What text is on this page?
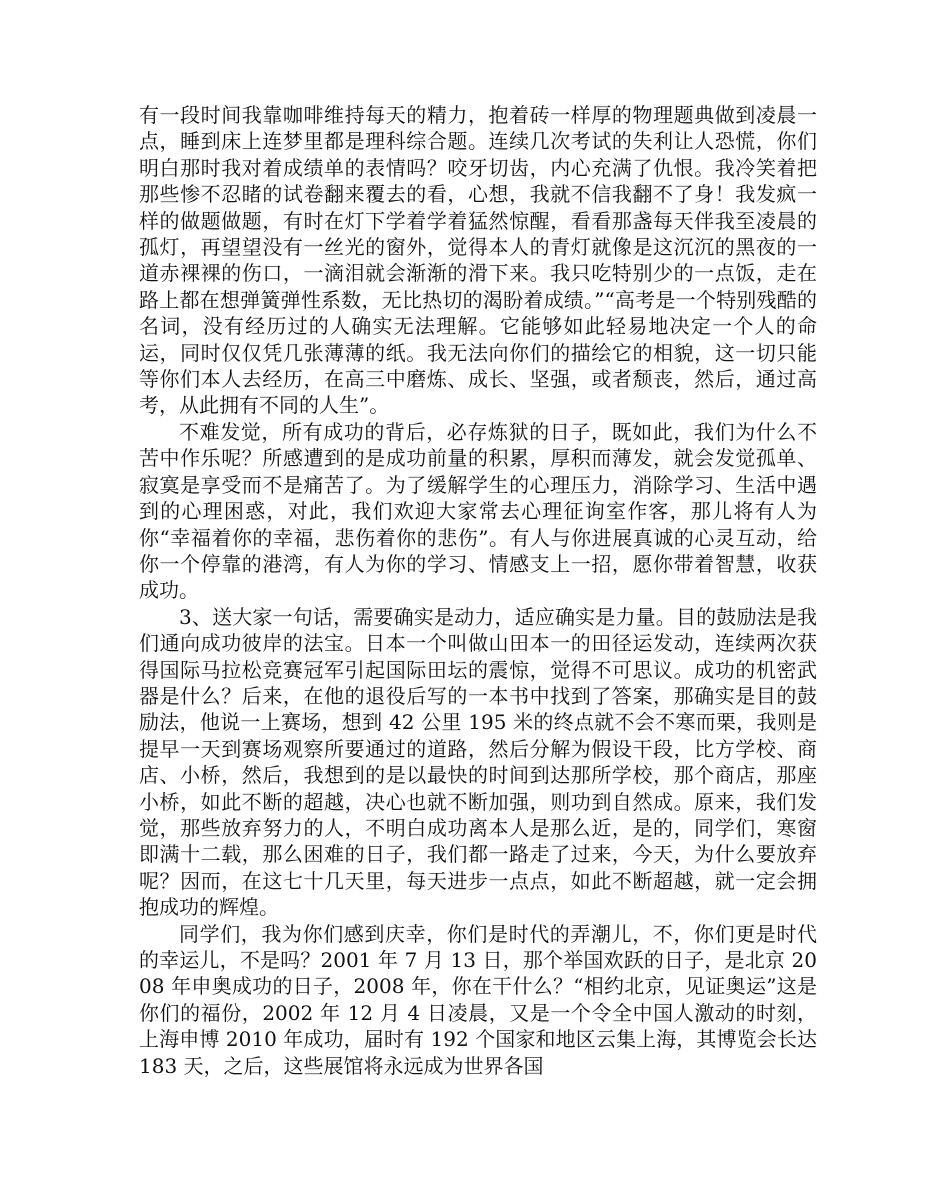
有一段时间我靠咖啡维持每天的精力，抱着砖一样厚的物理题典做到凌晨一点，睡到床上连梦里都是理科综合题。连续几次考试的失利让人恐慌，你们明白那时我对着成绩单的表情吗？咬牙切齿，内心充满了仇恨。我冷笑着把那些惨不忍睹的试卷翻来覆去的看，心想，我就不信我翻不了身！我发疯一样的做题做题，有时在灯下学着学着猛然惊醒，看看那盏每天伴我至凌晨的孤灯，再望望没有一丝光的窗外，觉得本人的青灯就像是这沉沉的黑夜的一道赤裸裸的伤口，一滴泪就会渐渐的滑下来。我只吃特别少的一点饭，走在路上都在想弹簧弹性系数，无比热切的渴盼着成绩。”“高考是一个特别残酷的名词，没有经历过的人确实无法理解。它能够如此轻易地决定一个人的命运，同时仅仅凭几张薄薄的纸。我无法向你们的描绘它的相貌，这一切只能等你们本人去经历，在高三中磨炼、成长、坚强，或者颓丧，然后，通过高考，从此拥有不同的人生”。

不难发觉，所有成功的背后，必存炼狱的日子，既如此，我们为什么不苦中作乐呢？所感遭到的是成功前量的积累，厚积而薄发，就会发觉孤单、寂寞是享受而不是痛苦了。为了缓解学生的心理压力，消除学习、生活中遇到的心理困惑，对此，我们欢迎大家常去心理征询室作客，那儿将有人为你“幸福着你的幸福，悲伤着你的悲伤”。有人与你进展真诚的心灵互动，给你一个停靠的港湾，有人为你的学习、情感支上一招，愿你带着智慧，收获成功。

3、送大家一句话，需要确实是动力，适应确实是力量。目的鼓励法是我们通向成功彼岸的法宝。日本一个叫做山田本一的田径运发动，连续两次获得国际马拉松竞赛冠军引起国际田坛的震惊，觉得不可思议。成功的机密武器是什么？后来，在他的退役后写的一本书中找到了答案，那确实是目的鼓励法，他说一上赛场，想到 42 公里 195 米的终点就不会不寒而栗，我则是提早一天到赛场观察所要通过的道路，然后分解为假设干段，比方学校、商店、小桥，然后，我想到的是以最快的时间到达那所学校，那个商店，那座小桥，如此不断的超越，决心也就不断加强，则功到自然成。原来，我们发觉，那些放弃努力的人，不明白成功离本人是那么近，是的，同学们，寒窗即满十二载，那么困难的日子，我们都一路走了过来，今天，为什么要放弃呢？因而，在这七十几天里，每天进步一点点，如此不断超越，就一定会拥抱成功的辉煌。

同学们，我为你们感到庆幸，你们是时代的弄潮儿，不，你们更是时代的幸运儿，不是吗？2001 年 7 月 13 日，那个举国欢跃的日子，是北京 2008 年申奥成功的日子，2008 年，你在干什么？“相约北京，见证奥运”这是你们的福份，2002 年 12 月 4 日凌晨，又是一个令全中国人激动的时刻，上海申博 2010 年成功，届时有 192 个国家和地区云集上海，其博览会长达 183 天，之后，这些展馆将永远成为世界各国
